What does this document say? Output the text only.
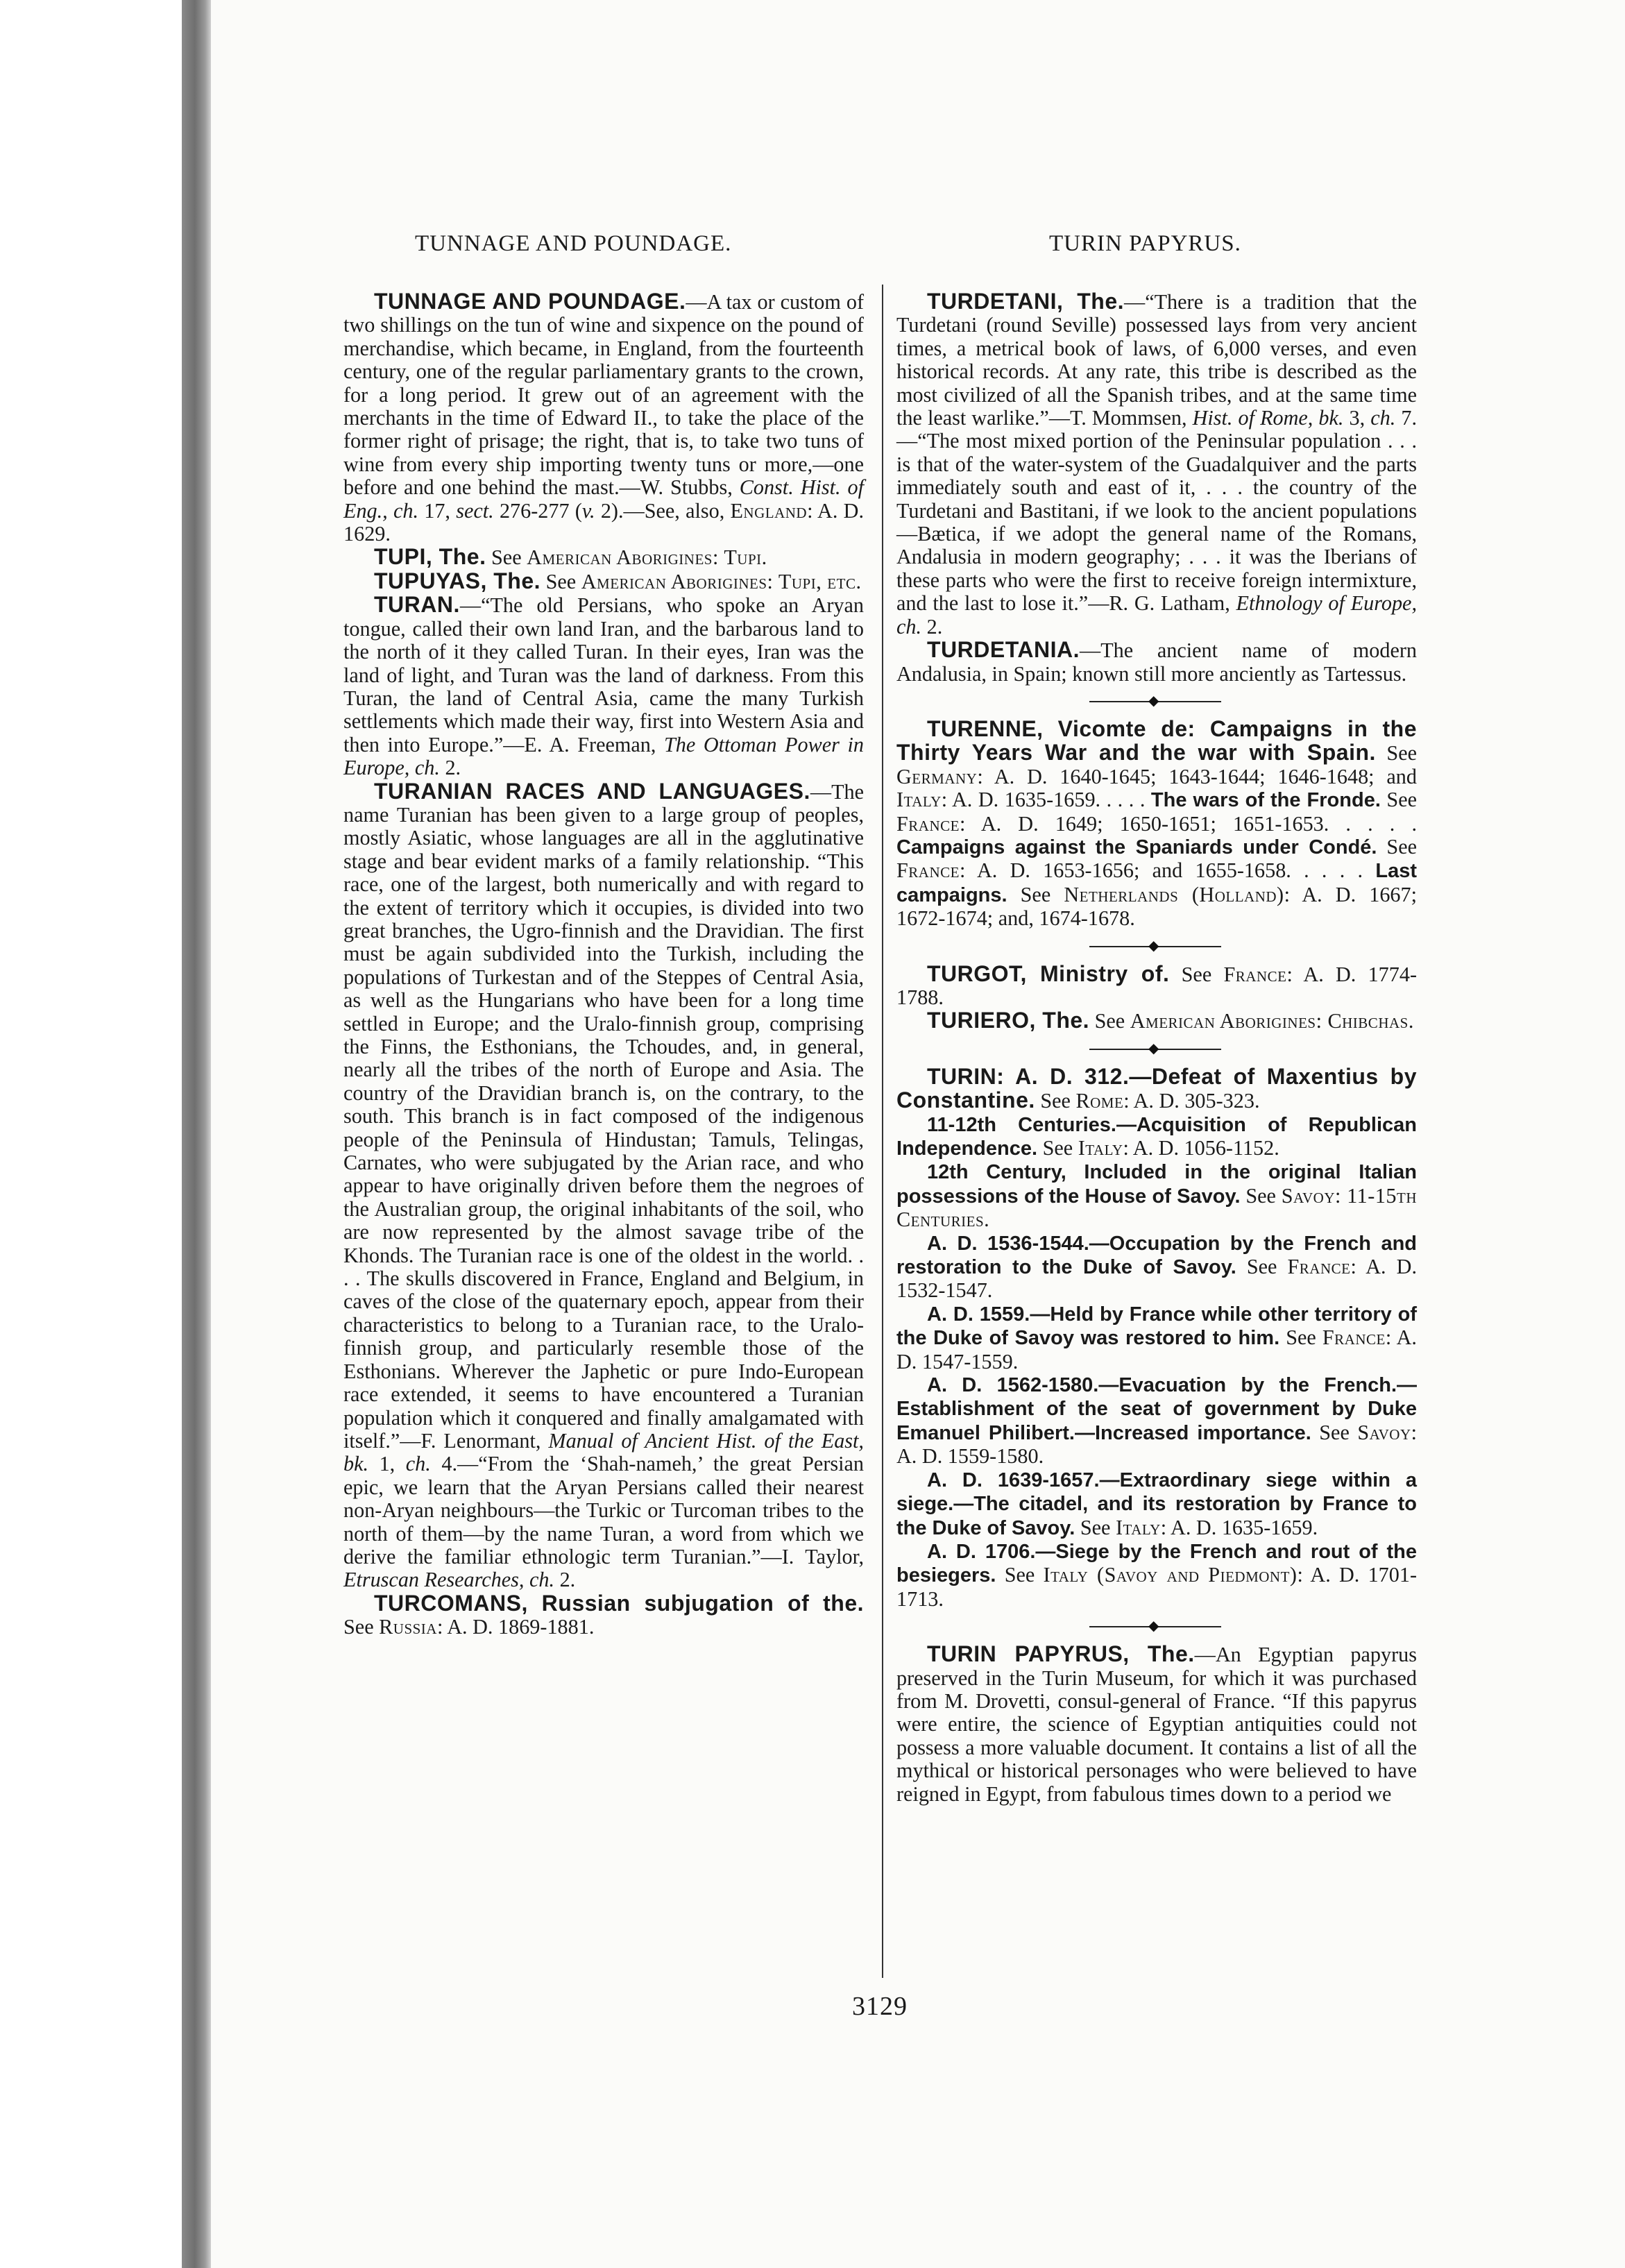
TUNNAGE AND POUNDAGE.	TURIN PAPYRUS.

TUNNAGE AND POUNDAGE.—A tax or custom of two shillings on the tun of wine and sixpence on the pound of merchandise, which became, in England, from the fourteenth century, one of the regular parliamentary grants to the crown, for a long period. It grew out of an agreement with the merchants in the time of Edward II., to take the place of the former right of prisage; the right, that is, to take two tuns of wine from every ship importing twenty tuns or more,—one before and one behind the mast.—W. Stubbs, Const. Hist. of Eng., ch. 17, sect. 276-277 (v. 2).—See, also, England: A. D. 1629.

TUPI, The. See American Aborigines: Tupi.

TUPUYAS, The. See American Aborigines: Tupi, etc.

TURAN.—“The old Persians, who spoke an Aryan tongue, called their own land Iran, and the barbarous land to the north of it they called Turan. In their eyes, Iran was the land of light, and Turan was the land of darkness. From this Turan, the land of Central Asia, came the many Turkish settlements which made their way, first into Western Asia and then into Europe.”—E. A. Freeman, The Ottoman Power in Europe, ch. 2.

TURANIAN RACES AND LANGUAGES.—The name Turanian has been given to a large group of peoples, mostly Asiatic, whose languages are all in the agglutinative stage and bear evident marks of a family relationship. “This race, one of the largest, both numerically and with regard to the extent of territory which it occupies, is divided into two great branches, the Ugro-finnish and the Dravidian. The first must be again subdivided into the Turkish, including the populations of Turkestan and of the Steppes of Central Asia, as well as the Hungarians who have been for a long time settled in Europe; and the Uralo-finnish group, comprising the Finns, the Esthonians, the Tchoudes, and, in general, nearly all the tribes of the north of Europe and Asia. The country of the Dravidian branch is, on the contrary, to the south. This branch is in fact composed of the indigenous people of the Peninsula of Hindustan; Tamuls, Telingas, Carnates, who were subjugated by the Arian race, and who appear to have originally driven before them the negroes of the Australian group, the original inhabitants of the soil, who are now represented by the almost savage tribe of the Khonds. The Turanian race is one of the oldest in the world. . . . The skulls discovered in France, England and Belgium, in caves of the close of the quaternary epoch, appear from their characteristics to belong to a Turanian race, to the Uralo-finnish group, and particularly resemble those of the Esthonians. Wherever the Japhetic or pure Indo-European race extended, it seems to have encountered a Turanian population which it conquered and finally amalgamated with itself.”—F. Lenormant, Manual of Ancient Hist. of the East, bk. 1, ch. 4.—“From the ‘Shah-nameh,’ the great Persian epic, we learn that the Aryan Persians called their nearest non-Aryan neighbours—the Turkic or Turcoman tribes to the north of them—by the name Turan, a word from which we derive the familiar ethnologic term Turanian.”—I. Taylor, Etruscan Researches, ch. 2.

TURCOMANS, Russian subjugation of the. See Russia: A. D. 1869-1881.

TURDETANI, The.—“There is a tradition that the Turdetani (round Seville) possessed lays from very ancient times, a metrical book of laws, of 6,000 verses, and even historical records. At any rate, this tribe is described as the most civilized of all the Spanish tribes, and at the same time the least warlike.”—T. Mommsen, Hist. of Rome, bk. 3, ch. 7.—“The most mixed portion of the Peninsular population . . . is that of the water-system of the Guadalquiver and the parts immediately south and east of it, . . . the country of the Turdetani and Bastitani, if we look to the ancient populations—Bætica, if we adopt the general name of the Romans, Andalusia in modern geography; . . . it was the Iberians of these parts who were the first to receive foreign intermixture, and the last to lose it.”—R. G. Latham, Ethnology of Europe, ch. 2.

TURDETANIA.—The ancient name of modern Andalusia, in Spain; known still more anciently as Tartessus.

◆

TURENNE, Vicomte de: Campaigns in the Thirty Years War and the war with Spain. See Germany: A. D. 1640-1645; 1643-1644; 1646-1648; and Italy: A. D. 1635-1659. . . . . The wars of the Fronde. See France: A. D. 1649; 1650-1651; 1651-1653. . . . . Campaigns against the Spaniards under Condé. See France: A. D. 1653-1656; and 1655-1658. . . . . Last campaigns. See Netherlands (Holland): A. D. 1667; 1672-1674; and, 1674-1678.

◆

TURGOT, Ministry of. See France: A. D. 1774-1788.

TURIERO, The. See American Aborigines: Chibchas.

◆

TURIN: A. D. 312.—Defeat of Maxentius by Constantine. See Rome: A. D. 305-323.

11-12th Centuries.—Acquisition of Republican Independence. See Italy: A. D. 1056-1152.

12th Century, Included in the original Italian possessions of the House of Savoy. See Savoy: 11-15th Centuries.

A. D. 1536-1544.—Occupation by the French and restoration to the Duke of Savoy. See France: A. D. 1532-1547.

A. D. 1559.—Held by France while other territory of the Duke of Savoy was restored to him. See France: A. D. 1547-1559.

A. D. 1562-1580.—Evacuation by the French.—Establishment of the seat of government by Duke Emanuel Philibert.—Increased importance. See Savoy: A. D. 1559-1580.

A. D. 1639-1657.—Extraordinary siege within a siege.—The citadel, and its restoration by France to the Duke of Savoy. See Italy: A. D. 1635-1659.

A. D. 1706.—Siege by the French and rout of the besiegers. See Italy (Savoy and Piedmont): A. D. 1701-1713.

◆

TURIN PAPYRUS, The.—An Egyptian papyrus preserved in the Turin Museum, for which it was purchased from M. Drovetti, consul-general of France. “If this papyrus were entire, the science of Egyptian antiquities could not possess a more valuable document. It contains a list of all the mythical or historical personages who were believed to have reigned in Egypt, from fabulous times down to a period we

3129
